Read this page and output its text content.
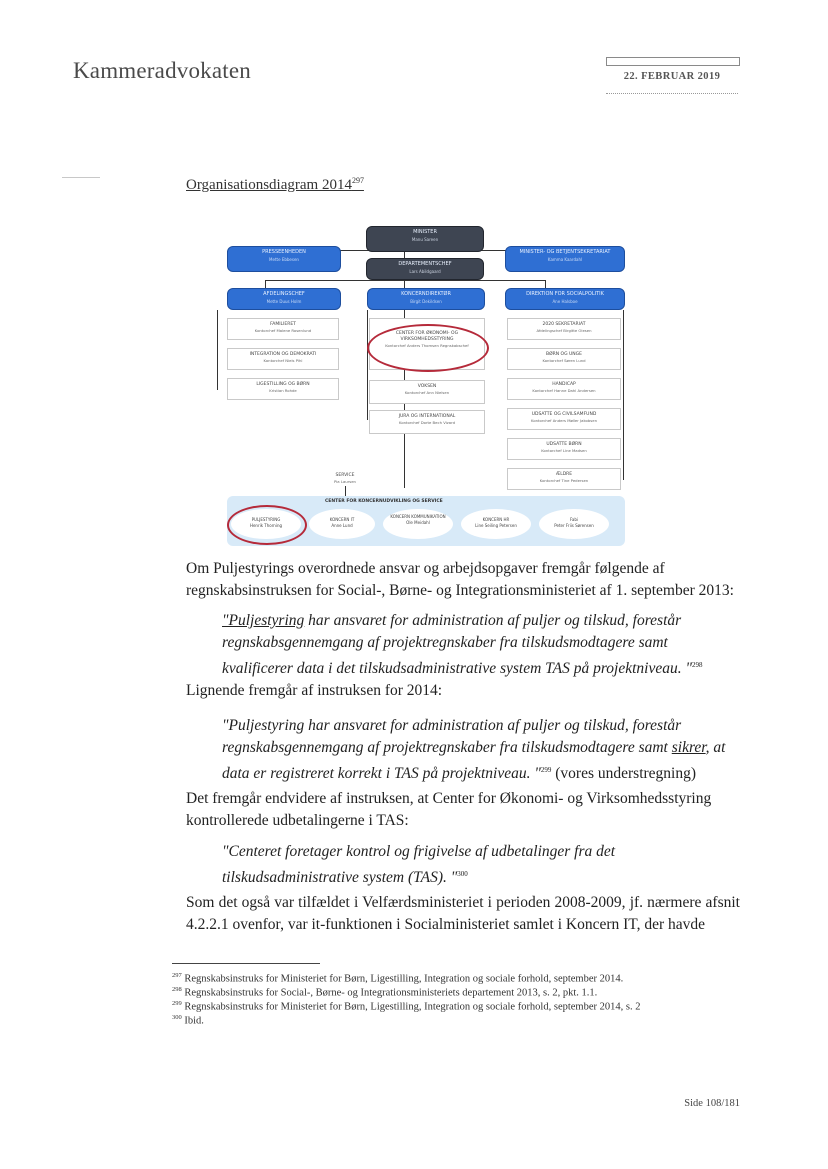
Kammeradvokaten	22. FEBRUAR 2019
Organisationsdiagram 2014$^{297}$
MINISTER
Manu Sareen
DEPARTEMENTSCHEF
Lars Abildgaard
PRESSEENHEDEN
Mette Ebbesen
MINISTER- OG BETJENTSEKRETARIAT
Kamma Kaardahl
AFDELINGSCHEF
Mette Duus Holm
KONCERNDIREKTØR
Birgit Dekildsen
DIREKTION FOR SOCIALPOLITIK
Ane Halsboe
FAMILIERET
Kontorchef Malene Rosenlund
INTEGRATION OG DEMOKRATI
Kontorchef Niels Pihl
LIGESTILLING OG BØRN
Kristian Rohde
CENTER FOR ØKONOMI- OG VIRKSOMHEDSSTYRING
Kontorchef Anders Thomsen Regnskabschef
VOKSEN
Kontorchef Ann Nielsen
JURA OG INTERNATIONAL
Kontorchef Dorte Bech Vizard
2020 SEKRETARIAT
Afdelingschef Birgitte Olesen
BØRN OG UNGE
Kontorchef Søren Lund
HANDICAP
Kontorchef Hanne Dahl Andersen
UDSATTE OG CIVILSAMFUND
Kontorchef Anders Møller Jakobsen
UDSATTE BØRN
Kontorchef Line Madsen
ÆLDRE
Kontorchef Tine Pedersen
SERVICE
Pia Laursen
CENTER FOR KONCERNUDVIKLING OG SERVICE
PULJESTYRING
Henrik Thorning
KONCERN IT
Anne Lund
KONCERN KOMMUNIKATION
Ole Meidahl
KONCERN HR
Line Seiling Petersen
Fabi
Peter Friis Sørensen
Om Puljestyrings overordnede ansvar og arbejdsopgaver fremgår følgende af regnskabsinstruksen for Social-, Børne- og Integrationsministeriet af 1. september 2013:
"Puljestyring har ansvaret for administration af puljer og tilskud, forestår regnskabsgennemgang af projektregnskaber fra tilskudsmodtagere samt kvalificerer data i det tilskudsadministrative system TAS på projektniveau. "$^{298}$
Lignende fremgår af instruksen for 2014:
"Puljestyring har ansvaret for administration af puljer og tilskud, forestår regnskabsgennemgang af projektregnskaber fra tilskudsmodtagere samt sikrer, at data er registreret korrekt i TAS på projektniveau. "$^{299}$ (vores understregning)
Det fremgår endvidere af instruksen, at Center for Økonomi- og Virksomhedsstyring kontrollerede udbetalingerne i TAS:
"Centeret foretager kontrol og frigivelse af udbetalinger fra det tilskudsadministrative system (TAS). "$^{300}$
Som det også var tilfældet i Velfærdsministeriet i perioden 2008-2009, jf. nærmere afsnit 4.2.2.1 ovenfor, var it-funktionen i Socialministeriet samlet i Koncern IT, der havde
$^{297}$ Regnskabsinstruks for Ministeriet for Børn, Ligestilling, Integration og sociale forhold, september 2014.
$^{298}$ Regnskabsinstruks for Social-, Børne- og Integrationsministeriets departement 2013, s. 2, pkt. 1.1.
$^{299}$ Regnskabsinstruks for Ministeriet for Børn, Ligestilling, Integration og sociale forhold, september 2014, s. 2
$^{300}$ Ibid.
Side 108/181
